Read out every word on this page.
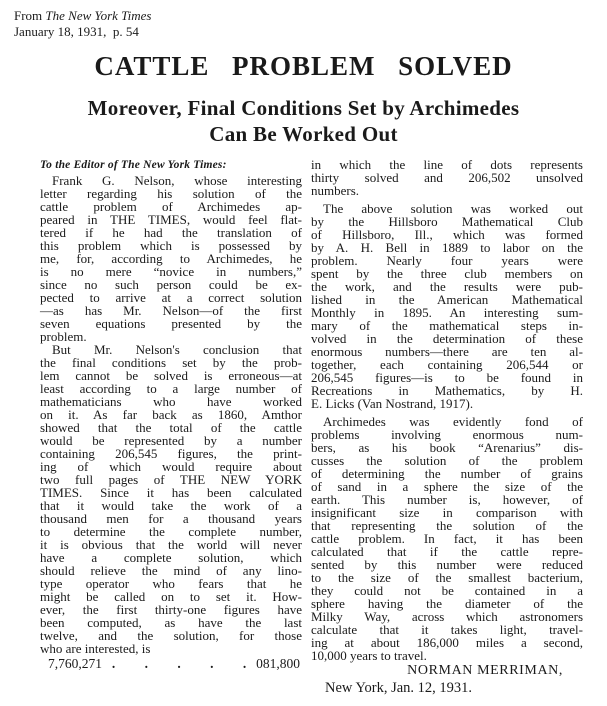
From The New York Times
January 18, 1931,  p. 54
CATTLE PROBLEM SOLVED
Moreover, Final Conditions Set by Archimedes
Can Be Worked Out
To the Editor of The New York Times:
Frank G. Nelson, whose interesting
letter regarding his solution of the
cattle problem of Archimedes ap-
peared in THE TIMES, would feel flat-
tered if he had the translation of
this problem which is possessed by
me, for, according to Archimedes, he
is no mere “novice in numbers,”
since no such person could be ex-
pected to arrive at a correct solution
—as has Mr. Nelson—of the first
seven equations presented by the
problem.
But Mr. Nelson's conclusion that
the final conditions set by the prob-
lem cannot be solved is erroneous—at
least according to a large number of
mathematicians who have worked
on it. As far back as 1860, Amthor
showed that the total of the cattle
would be represented by a number
containing 206,545 figures, the print-
ing of which would require about
two full pages of THE NEW YORK
TIMES. Since it has been calculated
that it would take the work of a
thousand men for a thousand years
to determine the complete number,
it is obvious that the world will never
have a complete solution, which
should relieve the mind of any lino-
type operator who fears that he
might be called on to set it. How-
ever, the first thirty-one figures have
been computed, as have the last
twelve, and the solution, for those
who are interested, is
7,760,271 . . . . . 081,800
in which the line of dots represents
thirty solved and 206,502 unsolved
numbers.
The above solution was worked out
by the Hillsboro Mathematical Club
of Hillsboro, Ill., which was formed
by A. H. Bell in 1889 to labor on the
problem. Nearly four years were
spent by the three club members on
the work, and the results were pub-
lished in the American Mathematical
Monthly in 1895. An interesting sum-
mary of the mathematical steps in-
volved in the determination of these
enormous numbers—there are ten al-
together, each containing 206,544 or
206,545 figures—is to be found in
Recreations in Mathematics, by H.
E. Licks (Van Nostrand, 1917).
Archimedes was evidently fond of
problems involving enormous num-
bers, as his book “Arenarius” dis-
cusses the solution of the problem
of determining the number of grains
of sand in a sphere the size of the
earth. This number is, however, of
insignificant size in comparison with
that representing the solution of the
cattle problem. In fact, it has been
calculated that if the cattle repre-
sented by this number were reduced
to the size of the smallest bacterium,
they could not be contained in a
sphere having the diameter of the
Milky Way, across which astronomers
calculate that it takes light, travel-
ing at about 186,000 miles a second,
10,000 years to travel.
NORMAN MERRIMAN,
New York, Jan. 12, 1931.
